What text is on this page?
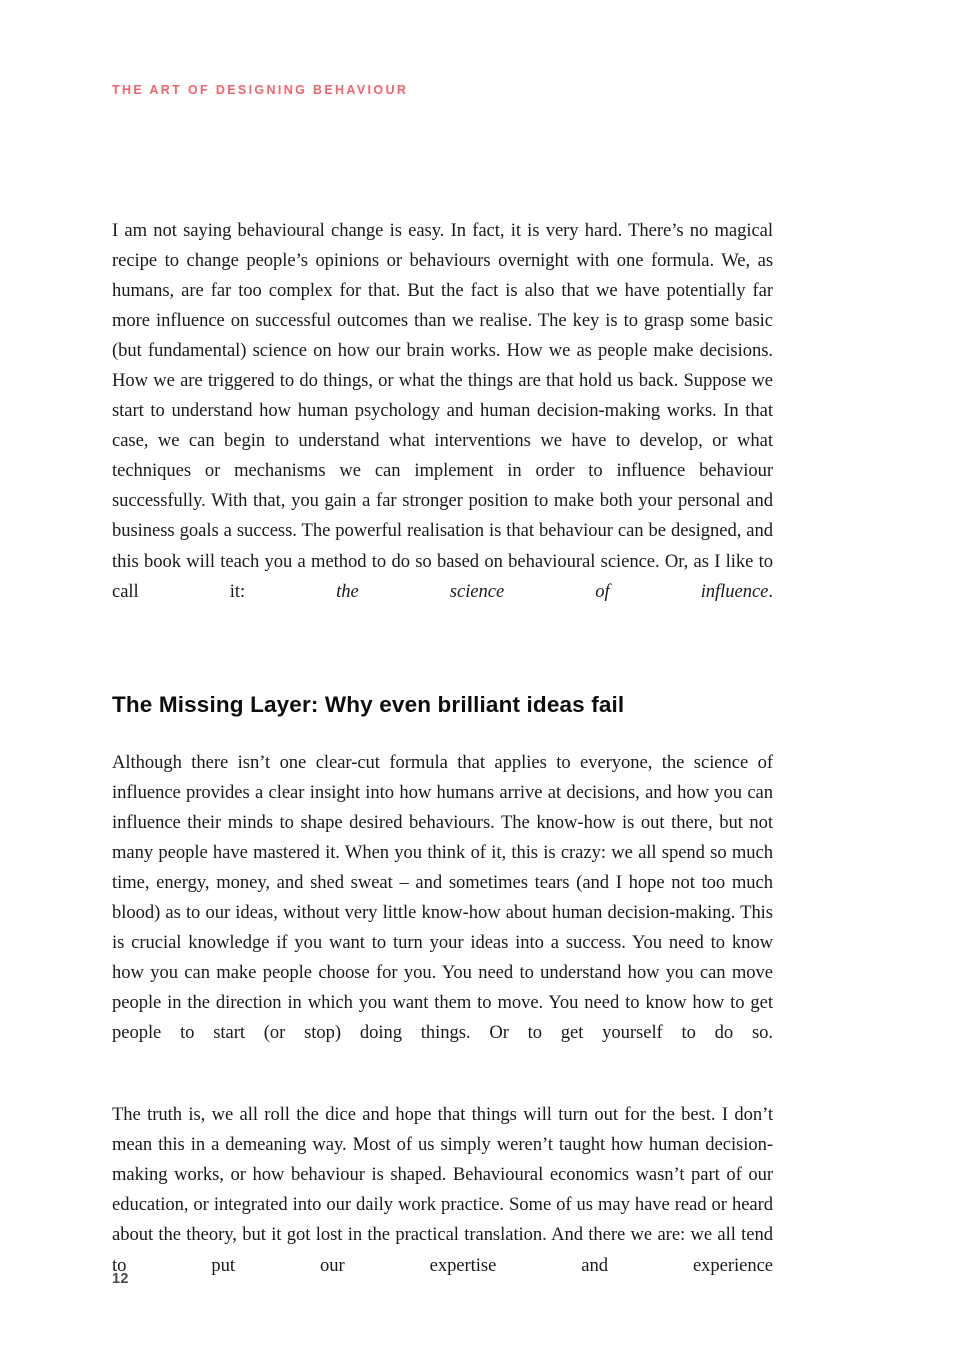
THE ART OF DESIGNING BEHAVIOUR

I am not saying behavioural change is easy. In fact, it is very hard. There’s no magical recipe to change people’s opinions or behaviours overnight with one formula. We, as humans, are far too complex for that. But the fact is also that we have potentially far more influence on successful outcomes than we realise. The key is to grasp some basic (but fundamental) science on how our brain works. How we as people make decisions. How we are triggered to do things, or what the things are that hold us back. Suppose we start to understand how human psychology and human decision-making works. In that case, we can begin to understand what interventions we have to develop, or what techniques or mechanisms we can implement in order to influence behaviour successfully. With that, you gain a far stronger position to make both your personal and business goals a success. The powerful realisation is that behaviour can be designed, and this book will teach you a method to do so based on behavioural science. Or, as I like to call it: the science of influence.

The Missing Layer: Why even brilliant ideas fail

Although there isn’t one clear-cut formula that applies to everyone, the science of influence provides a clear insight into how humans arrive at decisions, and how you can influence their minds to shape desired behaviours. The know-how is out there, but not many people have mastered it. When you think of it, this is crazy: we all spend so much time, energy, money, and shed sweat – and sometimes tears (and I hope not too much blood) as to our ideas, without very little know-how about human decision-making. This is crucial knowledge if you want to turn your ideas into a success. You need to know how you can make people choose for you. You need to understand how you can move people in the direction in which you want them to move. You need to know how to get people to start (or stop) doing things. Or to get yourself to do so.

The truth is, we all roll the dice and hope that things will turn out for the best. I don’t mean this in a demeaning way. Most of us simply weren’t taught how human decision-making works, or how behaviour is shaped. Behavioural economics wasn’t part of our education, or integrated into our daily work practice. Some of us may have read or heard about the theory, but it got lost in the practical translation. And there we are: we all tend to put our expertise and experience

12
